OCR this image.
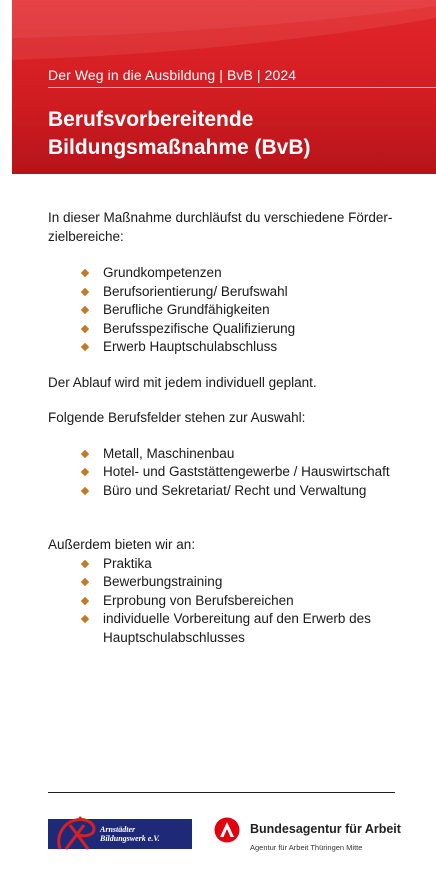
Der Weg in die Ausbildung | BvB | 2024
Berufsvorbereitende Bildungsmaßnahme (BvB)

In dieser Maßnahme durchläufst du verschiedene Förder-zielbereiche:

Grundkompetenzen
Berufsorientierung/ Berufswahl
Berufliche Grundfähigkeiten
Berufsspezifische Qualifizierung
Erwerb Hauptschulabschluss

Der Ablauf wird mit jedem individuell geplant.

Folgende Berufsfelder stehen zur Auswahl:

Metall, Maschinenbau
Hotel- und Gaststättengewerbe / Hauswirtschaft
Büro und Sekretariat/ Recht und Verwaltung

Außerdem bieten wir an:

Praktika
Bewerbungstraining
Erprobung von Berufsbereichen
individuelle Vorbereitung auf den Erwerb des Hauptschulabschlusses
Arnstädter
Bildungswerk e.V.
Bundesagentur für Arbeit
Agentur für Arbeit Thüringen Mitte
